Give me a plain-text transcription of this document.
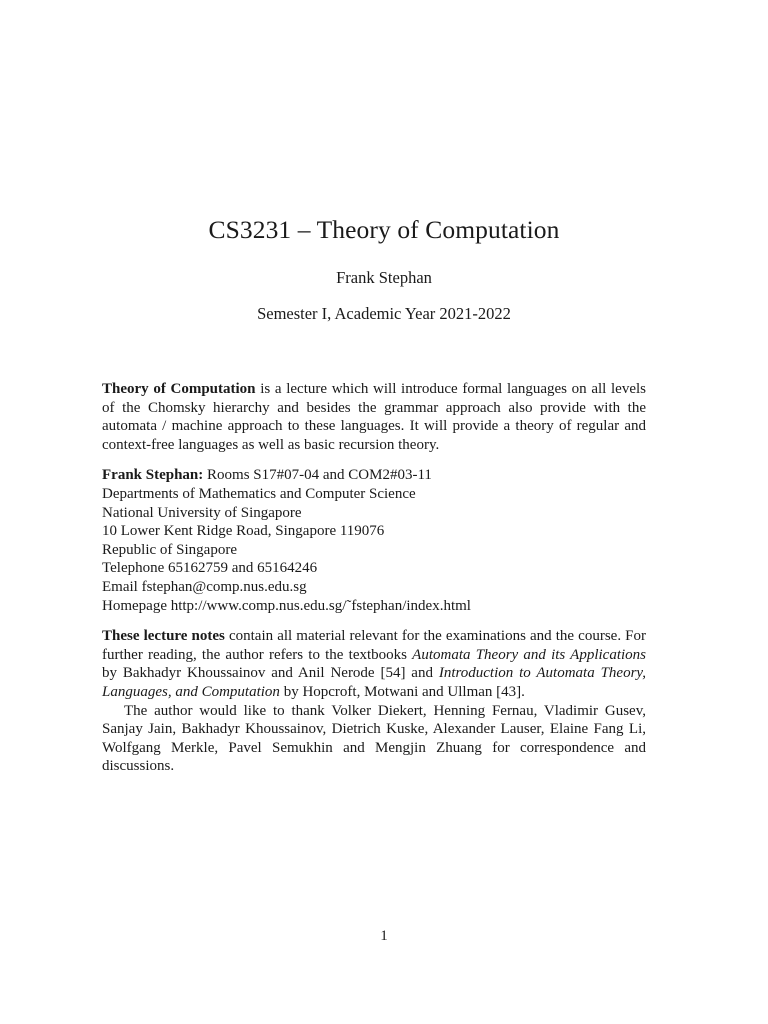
CS3231 – Theory of Computation
Frank Stephan
Semester I, Academic Year 2021-2022

Theory of Computation is a lecture which will introduce formal languages on all levels of the Chomsky hierarchy and besides the grammar approach also provide with the automata / machine approach to these languages. It will provide a theory of regular and context-free languages as well as basic recursion theory.

Frank Stephan: Rooms S17#07-04 and COM2#03-11
Departments of Mathematics and Computer Science
National University of Singapore
10 Lower Kent Ridge Road, Singapore 119076
Republic of Singapore
Telephone 65162759 and 65164246
Email fstephan@comp.nus.edu.sg
Homepage http://www.comp.nus.edu.sg/˜fstephan/index.html

These lecture notes contain all material relevant for the examinations and the course. For further reading, the author refers to the textbooks Automata Theory and its Applications by Bakhadyr Khoussainov and Anil Nerode [54] and Introduction to Automata Theory, Languages, and Computation by Hopcroft, Motwani and Ullman [43].

The author would like to thank Volker Diekert, Henning Fernau, Vladimir Gusev, Sanjay Jain, Bakhadyr Khoussainov, Dietrich Kuske, Alexander Lauser, Elaine Fang Li, Wolfgang Merkle, Pavel Semukhin and Mengjin Zhuang for correspondence and discussions.

1
